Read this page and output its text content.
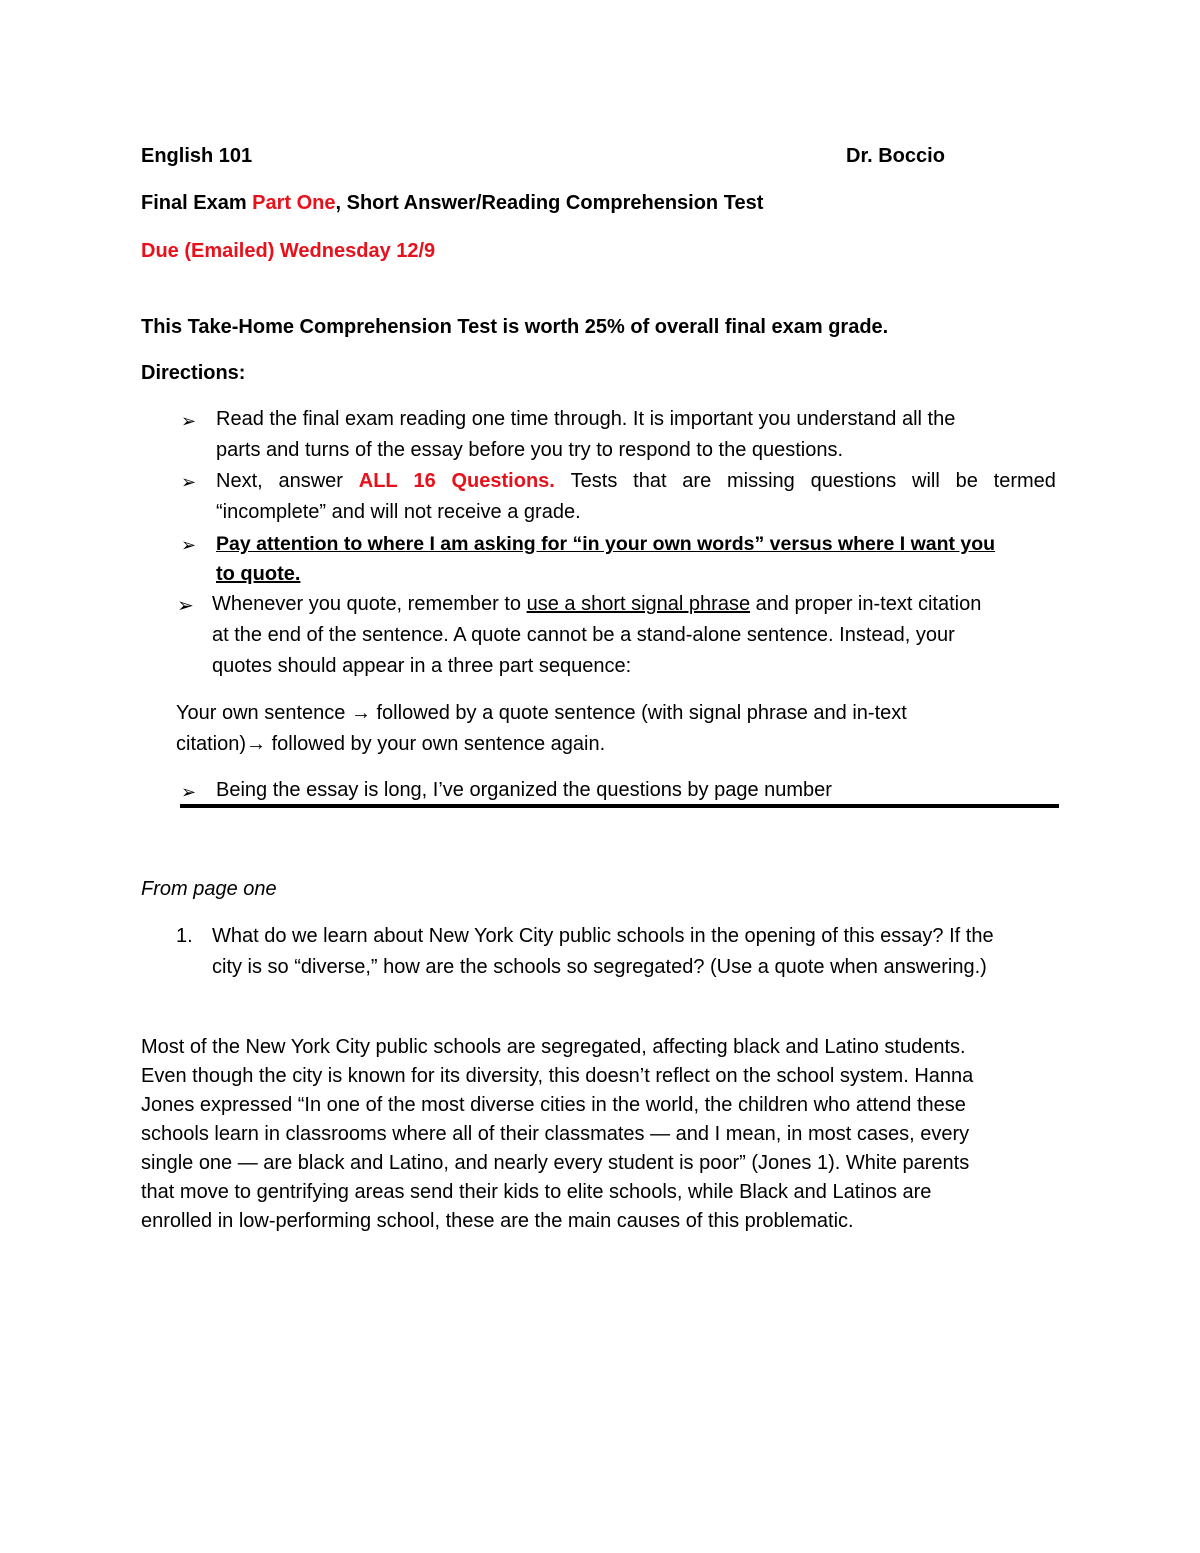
English 101	Dr. Boccio
Final Exam Part One, Short Answer/Reading Comprehension Test
Due (Emailed) Wednesday 12/9
This Take-Home Comprehension Test is worth 25% of overall final exam grade.
Directions:
➢ Read the final exam reading one time through. It is important you understand all the
parts and turns of the essay before you try to respond to the questions.
➢ Next, answer ALL 16 Questions. Tests that are missing questions will be termed
“incomplete” and will not receive a grade.
➢ Pay attention to where I am asking for “in your own words” versus where I want you
to quote.
➢ Whenever you quote, remember to use a short signal phrase and proper in-text citation
at the end of the sentence. A quote cannot be a stand-alone sentence. Instead, your
quotes should appear in a three part sequence:
Your own sentence → followed by a quote sentence (with signal phrase and in-text
citation)→ followed by your own sentence again.
➢ Being the essay is long, I’ve organized the questions by page number
From page one
1. What do we learn about New York City public schools in the opening of this essay? If the
city is so “diverse,” how are the schools so segregated? (Use a quote when answering.)
Most of the New York City public schools are segregated, affecting black and Latino students.
Even though the city is known for its diversity, this doesn’t reflect on the school system. Hanna
Jones expressed “In one of the most diverse cities in the world, the children who attend these
schools learn in classrooms where all of their classmates — and I mean, in most cases, every
single one — are black and Latino, and nearly every student is poor” (Jones 1). White parents
that move to gentrifying areas send their kids to elite schools, while Black and Latinos are
enrolled in low-performing school, these are the main causes of this problematic.
